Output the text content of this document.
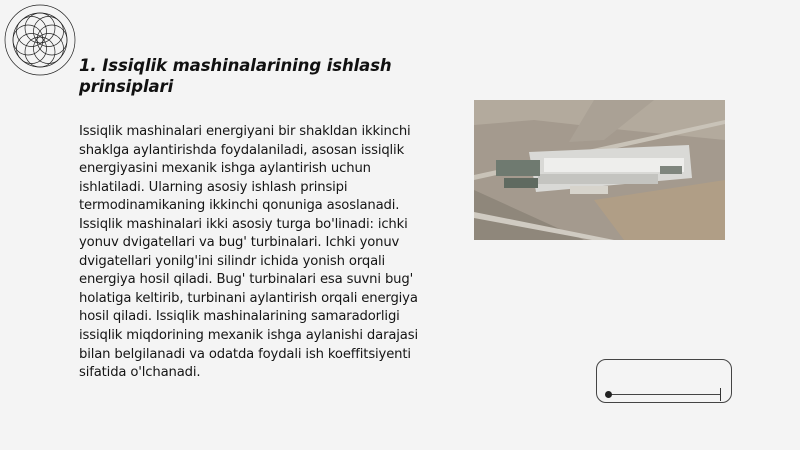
1. Issiqlik mashinalarining ishlash prinsiplari

Issiqlik mashinalari energiyani bir shakldan ikkinchi shaklga aylantirishda foydalaniladi, asosan issiqlik energiyasini mexanik ishga aylantirish uchun ishlatiladi. Ularning asosiy ishlash prinsipi termodinamikaning ikkinchi qonuniga asoslanadi. Issiqlik mashinalari ikki asosiy turga bo'linadi: ichki yonuv dvigatellari va bug' turbinalari. Ichki yonuv dvigatellari yonilg'ini silindr ichida yonish orqali energiya hosil qiladi. Bug' turbinalari esa suvni bug' holatiga keltirib, turbinani aylantirish orqali energiya hosil qiladi. Issiqlik mashinalarining samaradorligi issiqlik miqdorining mexanik ishga aylanishi darajasi bilan belgilanadi va odatda foydali ish koeffitsiyenti sifatida o'lchanadi.
